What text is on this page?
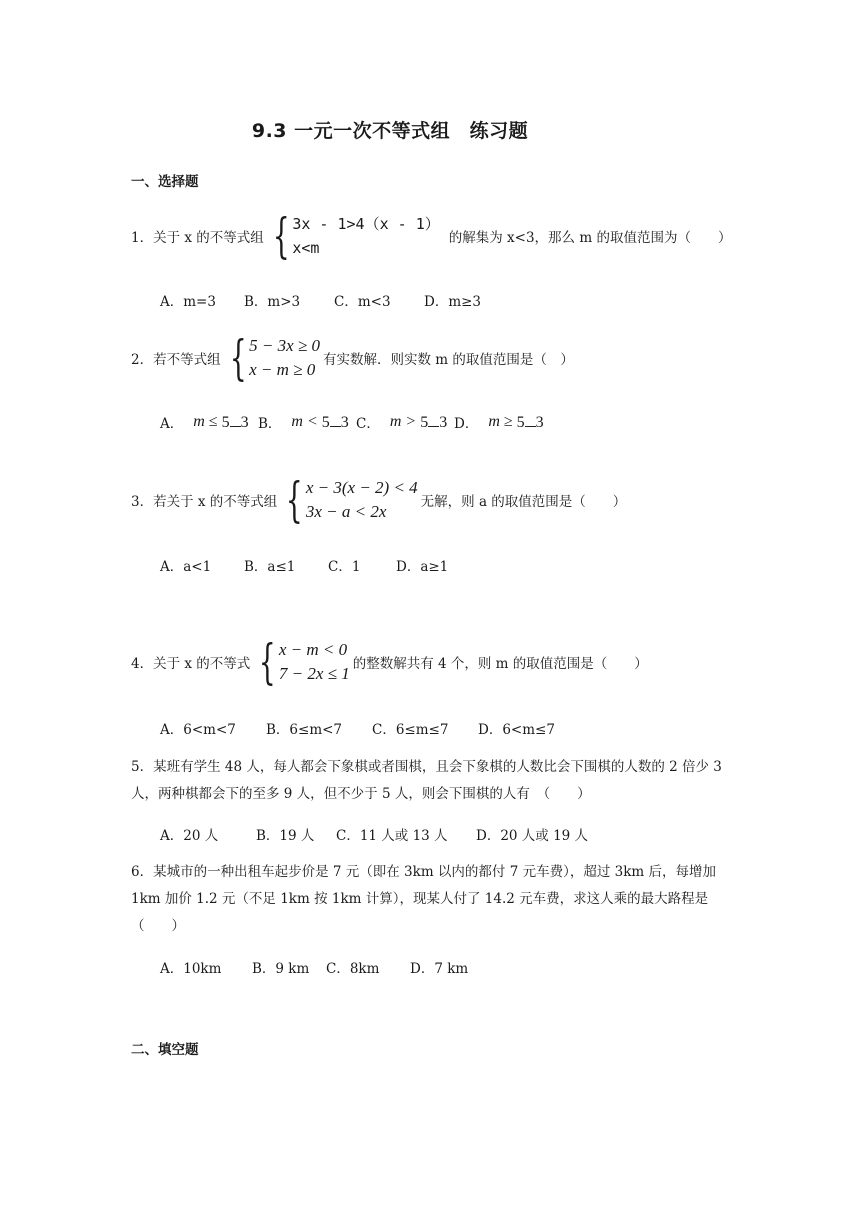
9.3 一元一次不等式组　练习题
一、选择题
1．关于 x 的不等式组 { 3x - 1>4（x - 1）
x<m
的解集为 x<3，那么 m 的取值范围为（　　）
A．m=3 B．m>3	C．m<3 D．m≥3
2．若不等式组 { 5 − 3x ≥ 0
x − m ≥ 0 有实数解．则实数 m 的取值范围是（　）
A． m ≤ 5 3 B． m < 5 3 C． m > 5 3 D． m ≥ 5 3
3．若关于 x 的不等式组 { x − 3(x − 2) < 4
3x − a < 2x	无解，则 a 的取值范围是（　　）
A．a<1 B．a≤1 C．1	D．a≥1
4．关于 x 的不等式 { x − m < 0
7 − 2x ≤ 1 的整数解共有 4 个，则 m 的取值范围是（　　）
A．6<m<7 B．6≤m<7 C．6≤m≤7 D．6<m≤7
5．某班有学生 48 人，每人都会下象棋或者围棋，且会下象棋的人数比会下围棋的人数的 2 倍少 3 人，两种棋都会下的至多 9 人，但不少于 5 人，则会下围棋的人有　（　　）
A．20 人	B．19 人 C．11 人或 13 人 D．20 人或 19 人
6．某城市的一种出租车起步价是 7 元（即在 3km 以内的都付 7 元车费），超过 3km 后，每增加 1km 加价 1.2 元（不足 1km 按 1km 计算），现某人付了 14.2 元车费，求这人乘的最大路程是（　　）
A．10km B．9 km C．8km D．7 km
二、填空题
